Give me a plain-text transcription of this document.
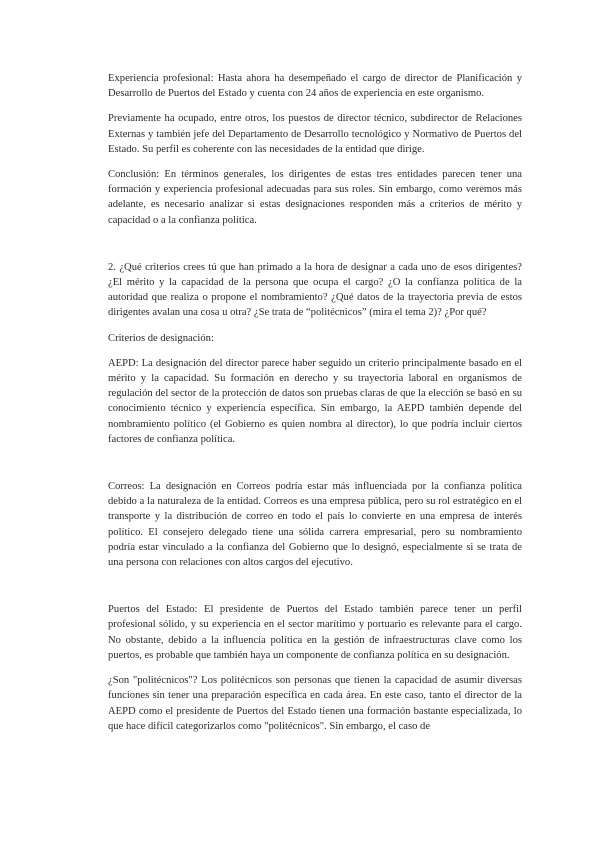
Experiencia profesional: Hasta ahora ha desempeñado el cargo de director de Planificación y Desarrollo de Puertos del Estado y cuenta con 24 años de experiencia en este organismo.

Previamente ha ocupado, entre otros, los puestos de director técnico, subdirector de Relaciones Externas y también jefe del Departamento de Desarrollo tecnológico y Normativo de Puertos del Estado. Su perfil es coherente con las necesidades de la entidad que dirige.

Conclusión: En términos generales, los dirigentes de estas tres entidades parecen tener una formación y experiencia profesional adecuadas para sus roles. Sin embargo, como veremos más adelante, es necesario analizar si estas designaciones responden más a criterios de mérito y capacidad o a la confianza política.

2. ¿Qué criterios crees tú que han primado a la hora de designar a cada uno de esos dirigentes? ¿El mérito y la capacidad de la persona que ocupa el cargo? ¿O la confianza política de la autoridad que realiza o propone el nombramiento? ¿Qué datos de la trayectoria previa de estos dirigentes avalan una cosa u otra? ¿Se trata de “politécnicos” (mira el tema 2)? ¿Por qué?

Criterios de designación:

AEPD: La designación del director parece haber seguido un criterio principalmente basado en el mérito y la capacidad. Su formación en derecho y su trayectoria laboral en organismos de regulación del sector de la protección de datos son pruebas claras de que la elección se basó en su conocimiento técnico y experiencia específica. Sin embargo, la AEPD también depende del nombramiento político (el Gobierno es quien nombra al director), lo que podría incluir ciertos factores de confianza política.

Correos: La designación en Correos podría estar más influenciada por la confianza política debido a la naturaleza de la entidad. Correos es una empresa pública, pero su rol estratégico en el transporte y la distribución de correo en todo el país lo convierte en una empresa de interés político. El consejero delegado tiene una sólida carrera empresarial, pero su nombramiento podría estar vinculado a la confianza del Gobierno que lo designó, especialmente si se trata de una persona con relaciones con altos cargos del ejecutivo.

Puertos del Estado: El presidente de Puertos del Estado también parece tener un perfil profesional sólido, y su experiencia en el sector marítimo y portuario es relevante para el cargo. No obstante, debido a la influencia política en la gestión de infraestructuras clave como los puertos, es probable que también haya un componente de confianza política en su designación.

¿Son "politécnicos"? Los politécnicos son personas que tienen la capacidad de asumir diversas funciones sin tener una preparación específica en cada área. En este caso, tanto el director de la AEPD como el presidente de Puertos del Estado tienen una formación bastante especializada, lo que hace difícil categorizarlos como "politécnicos". Sin embargo, el caso de
